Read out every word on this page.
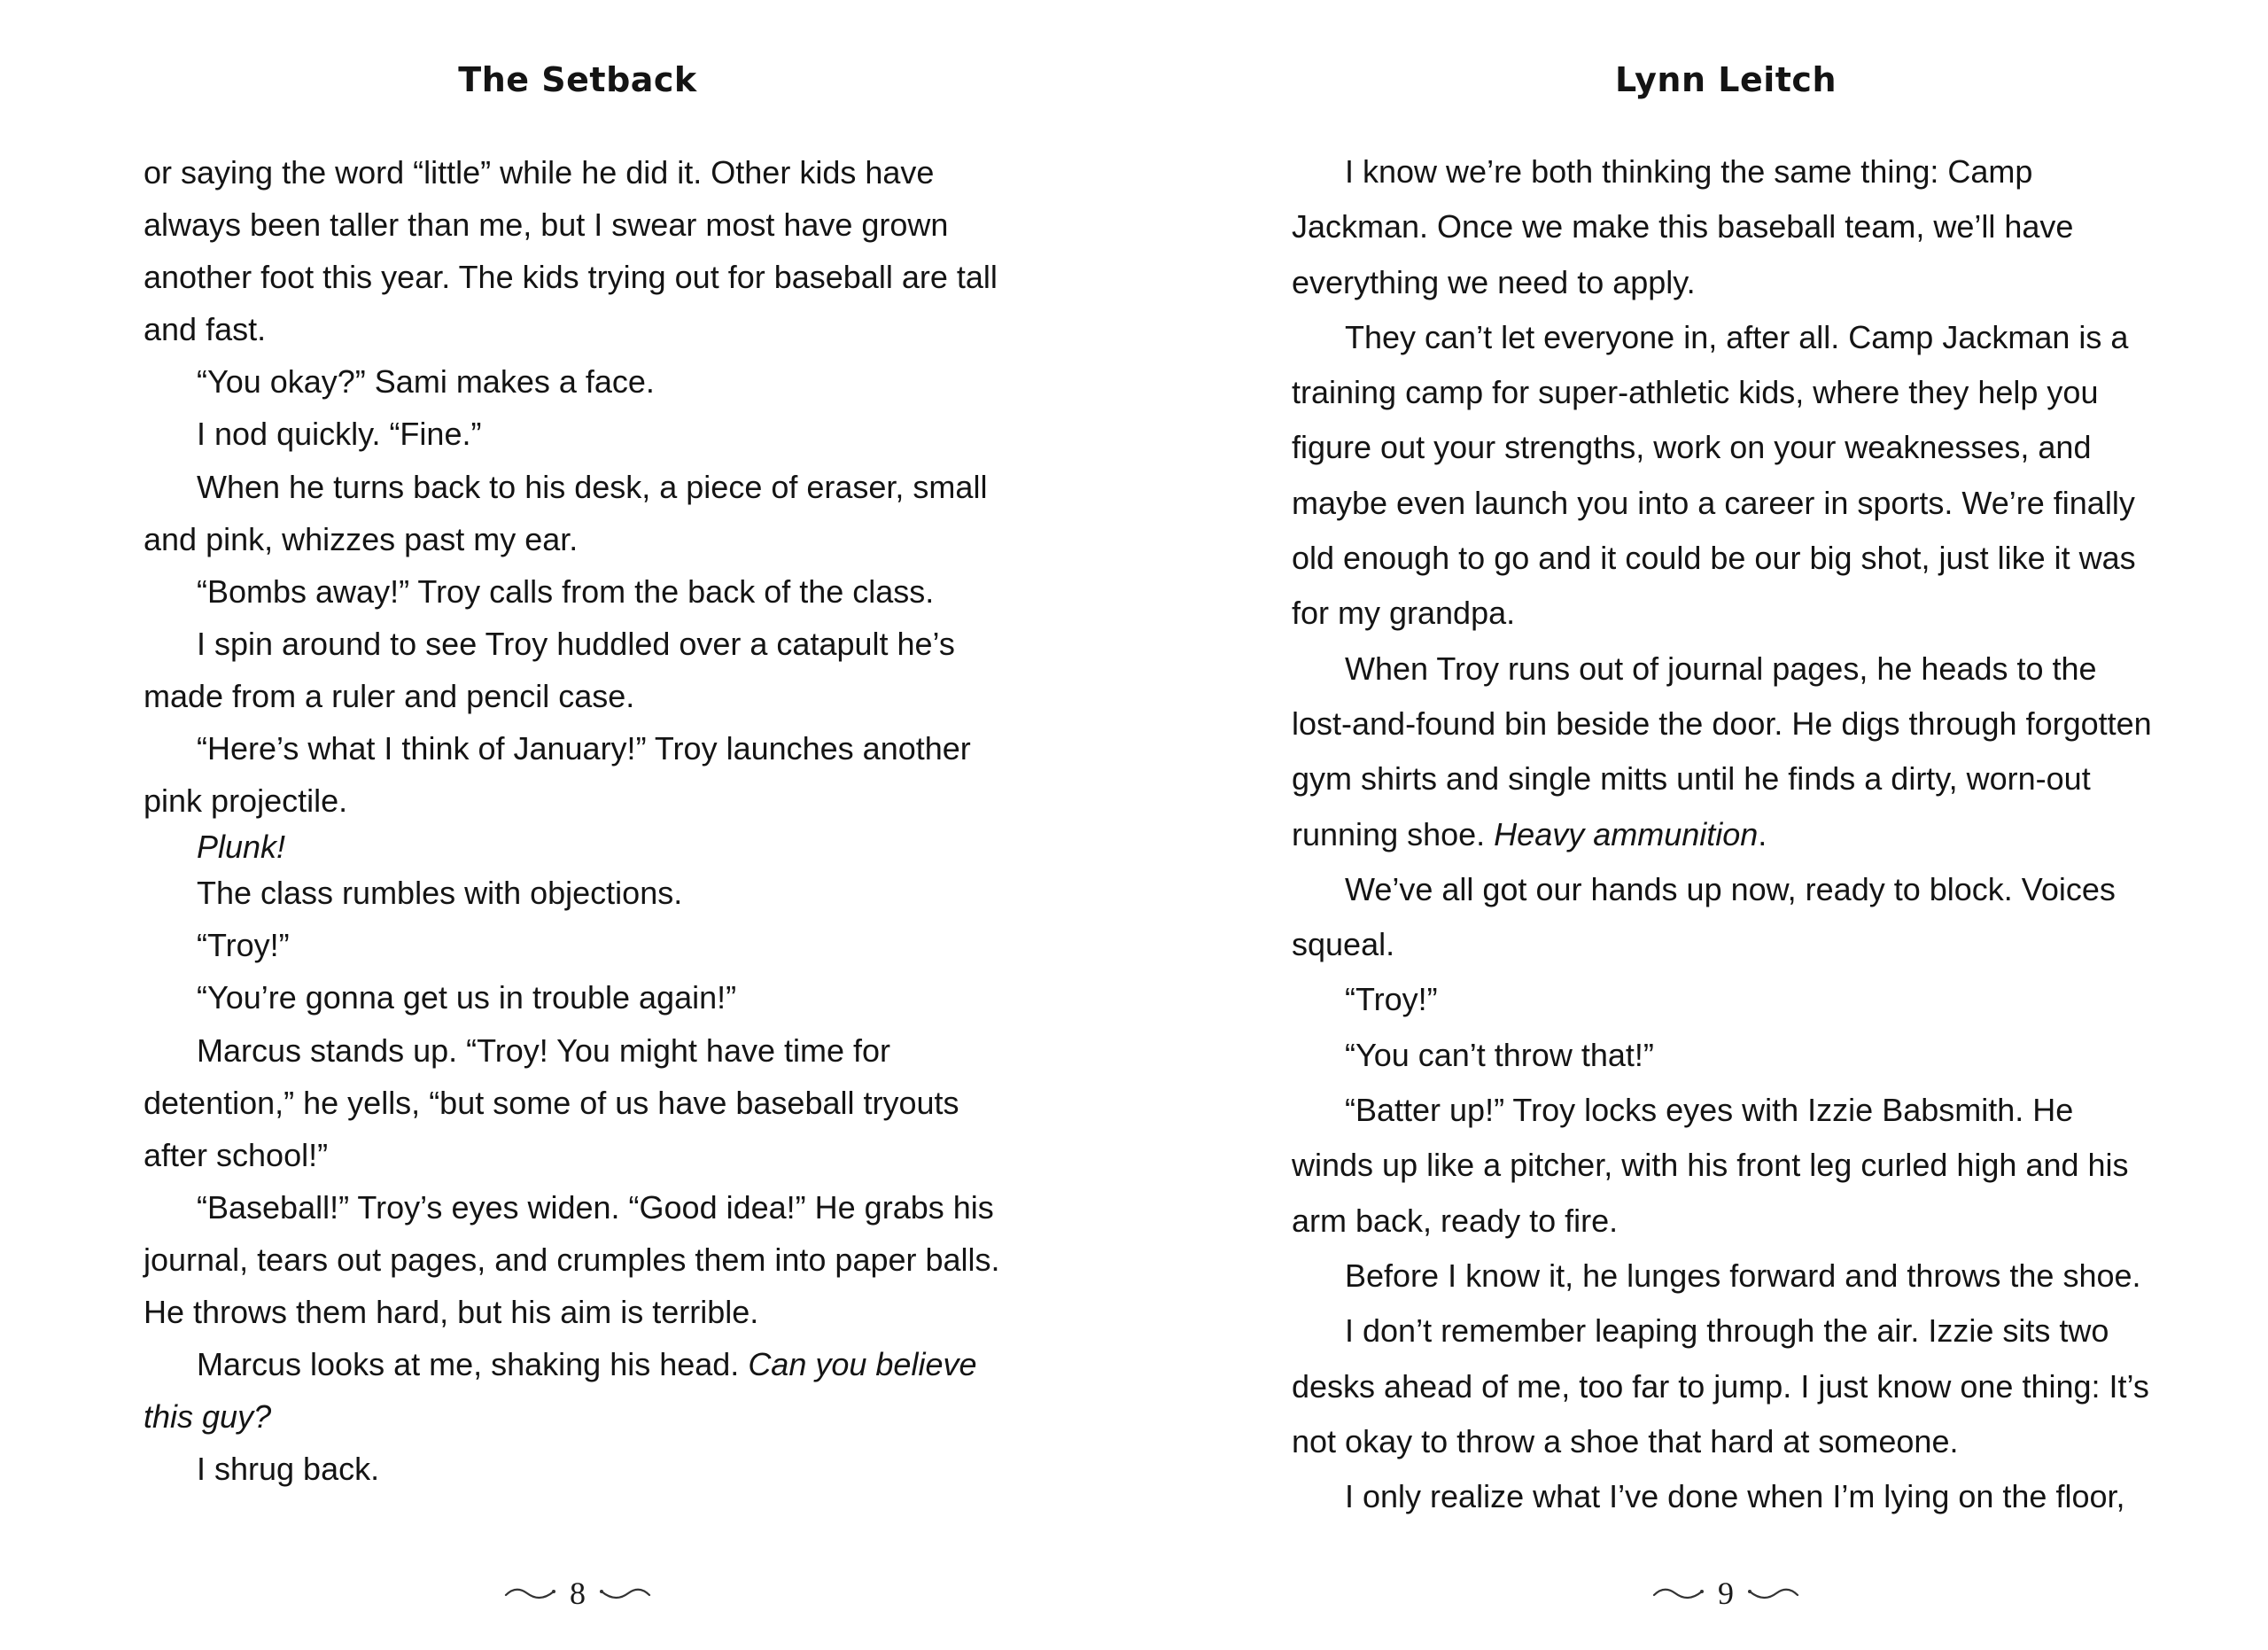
The Setback

or saying the word “little” while he did it. Other kids have always been taller than me, but I swear most have grown another foot this year. The kids trying out for baseball are tall and fast.

“You okay?” Sami makes a face.

I nod quickly. “Fine.”

When he turns back to his desk, a piece of eraser, small and pink, whizzes past my ear.

“Bombs away!” Troy calls from the back of the class.

I spin around to see Troy huddled over a catapult he’s made from a ruler and pencil case.

“Here’s what I think of January!” Troy launches another pink projectile.

Plunk!

The class rumbles with objections.

“Troy!”

“You’re gonna get us in trouble again!”

Marcus stands up. “Troy! You might have time for detention,” he yells, “but some of us have baseball tryouts after school!”

“Baseball!” Troy’s eyes widen. “Good idea!” He grabs his journal, tears out pages, and crumples them into paper balls. He throws them hard, but his aim is terrible.

Marcus looks at me, shaking his head. Can you believe this guy?

I shrug back.

8
Lynn Leitch

I know we’re both thinking the same thing: Camp Jackman. Once we make this baseball team, we’ll have everything we need to apply.

They can’t let everyone in, after all. Camp Jackman is a training camp for super-athletic kids, where they help you figure out your strengths, work on your weaknesses, and maybe even launch you into a career in sports. We’re finally old enough to go and it could be our big shot, just like it was for my grandpa.

When Troy runs out of journal pages, he heads to the lost-and-found bin beside the door. He digs through forgotten gym shirts and single mitts until he finds a dirty, worn-out running shoe. Heavy ammunition.

We’ve all got our hands up now, ready to block. Voices squeal.

“Troy!”

“You can’t throw that!”

“Batter up!” Troy locks eyes with Izzie Babsmith. He winds up like a pitcher, with his front leg curled high and his arm back, ready to fire.

Before I know it, he lunges forward and throws the shoe.

I don’t remember leaping through the air. Izzie sits two desks ahead of me, too far to jump. I just know one thing: It’s not okay to throw a shoe that hard at someone.

I only realize what I’ve done when I’m lying on the floor,

9
